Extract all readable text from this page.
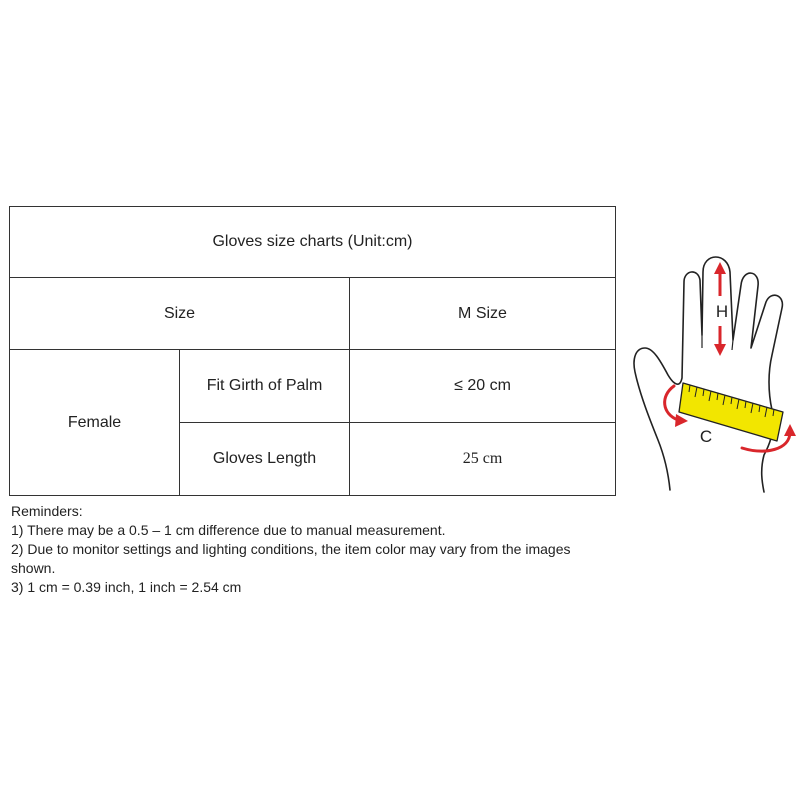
Gloves size charts (Unit:cm)		
Size		M Size
Female	Fit Girth of Palm	≤ 20 cm
	Gloves Length	25 cm
Reminders:
1) There may be a 0.5 – 1 cm difference due to manual measurement.
2) Due to monitor settings and lighting conditions, the item color may vary from the images
shown.
3) 1 cm = 0.39 inch, 1 inch = 2.54 cm
H
C
